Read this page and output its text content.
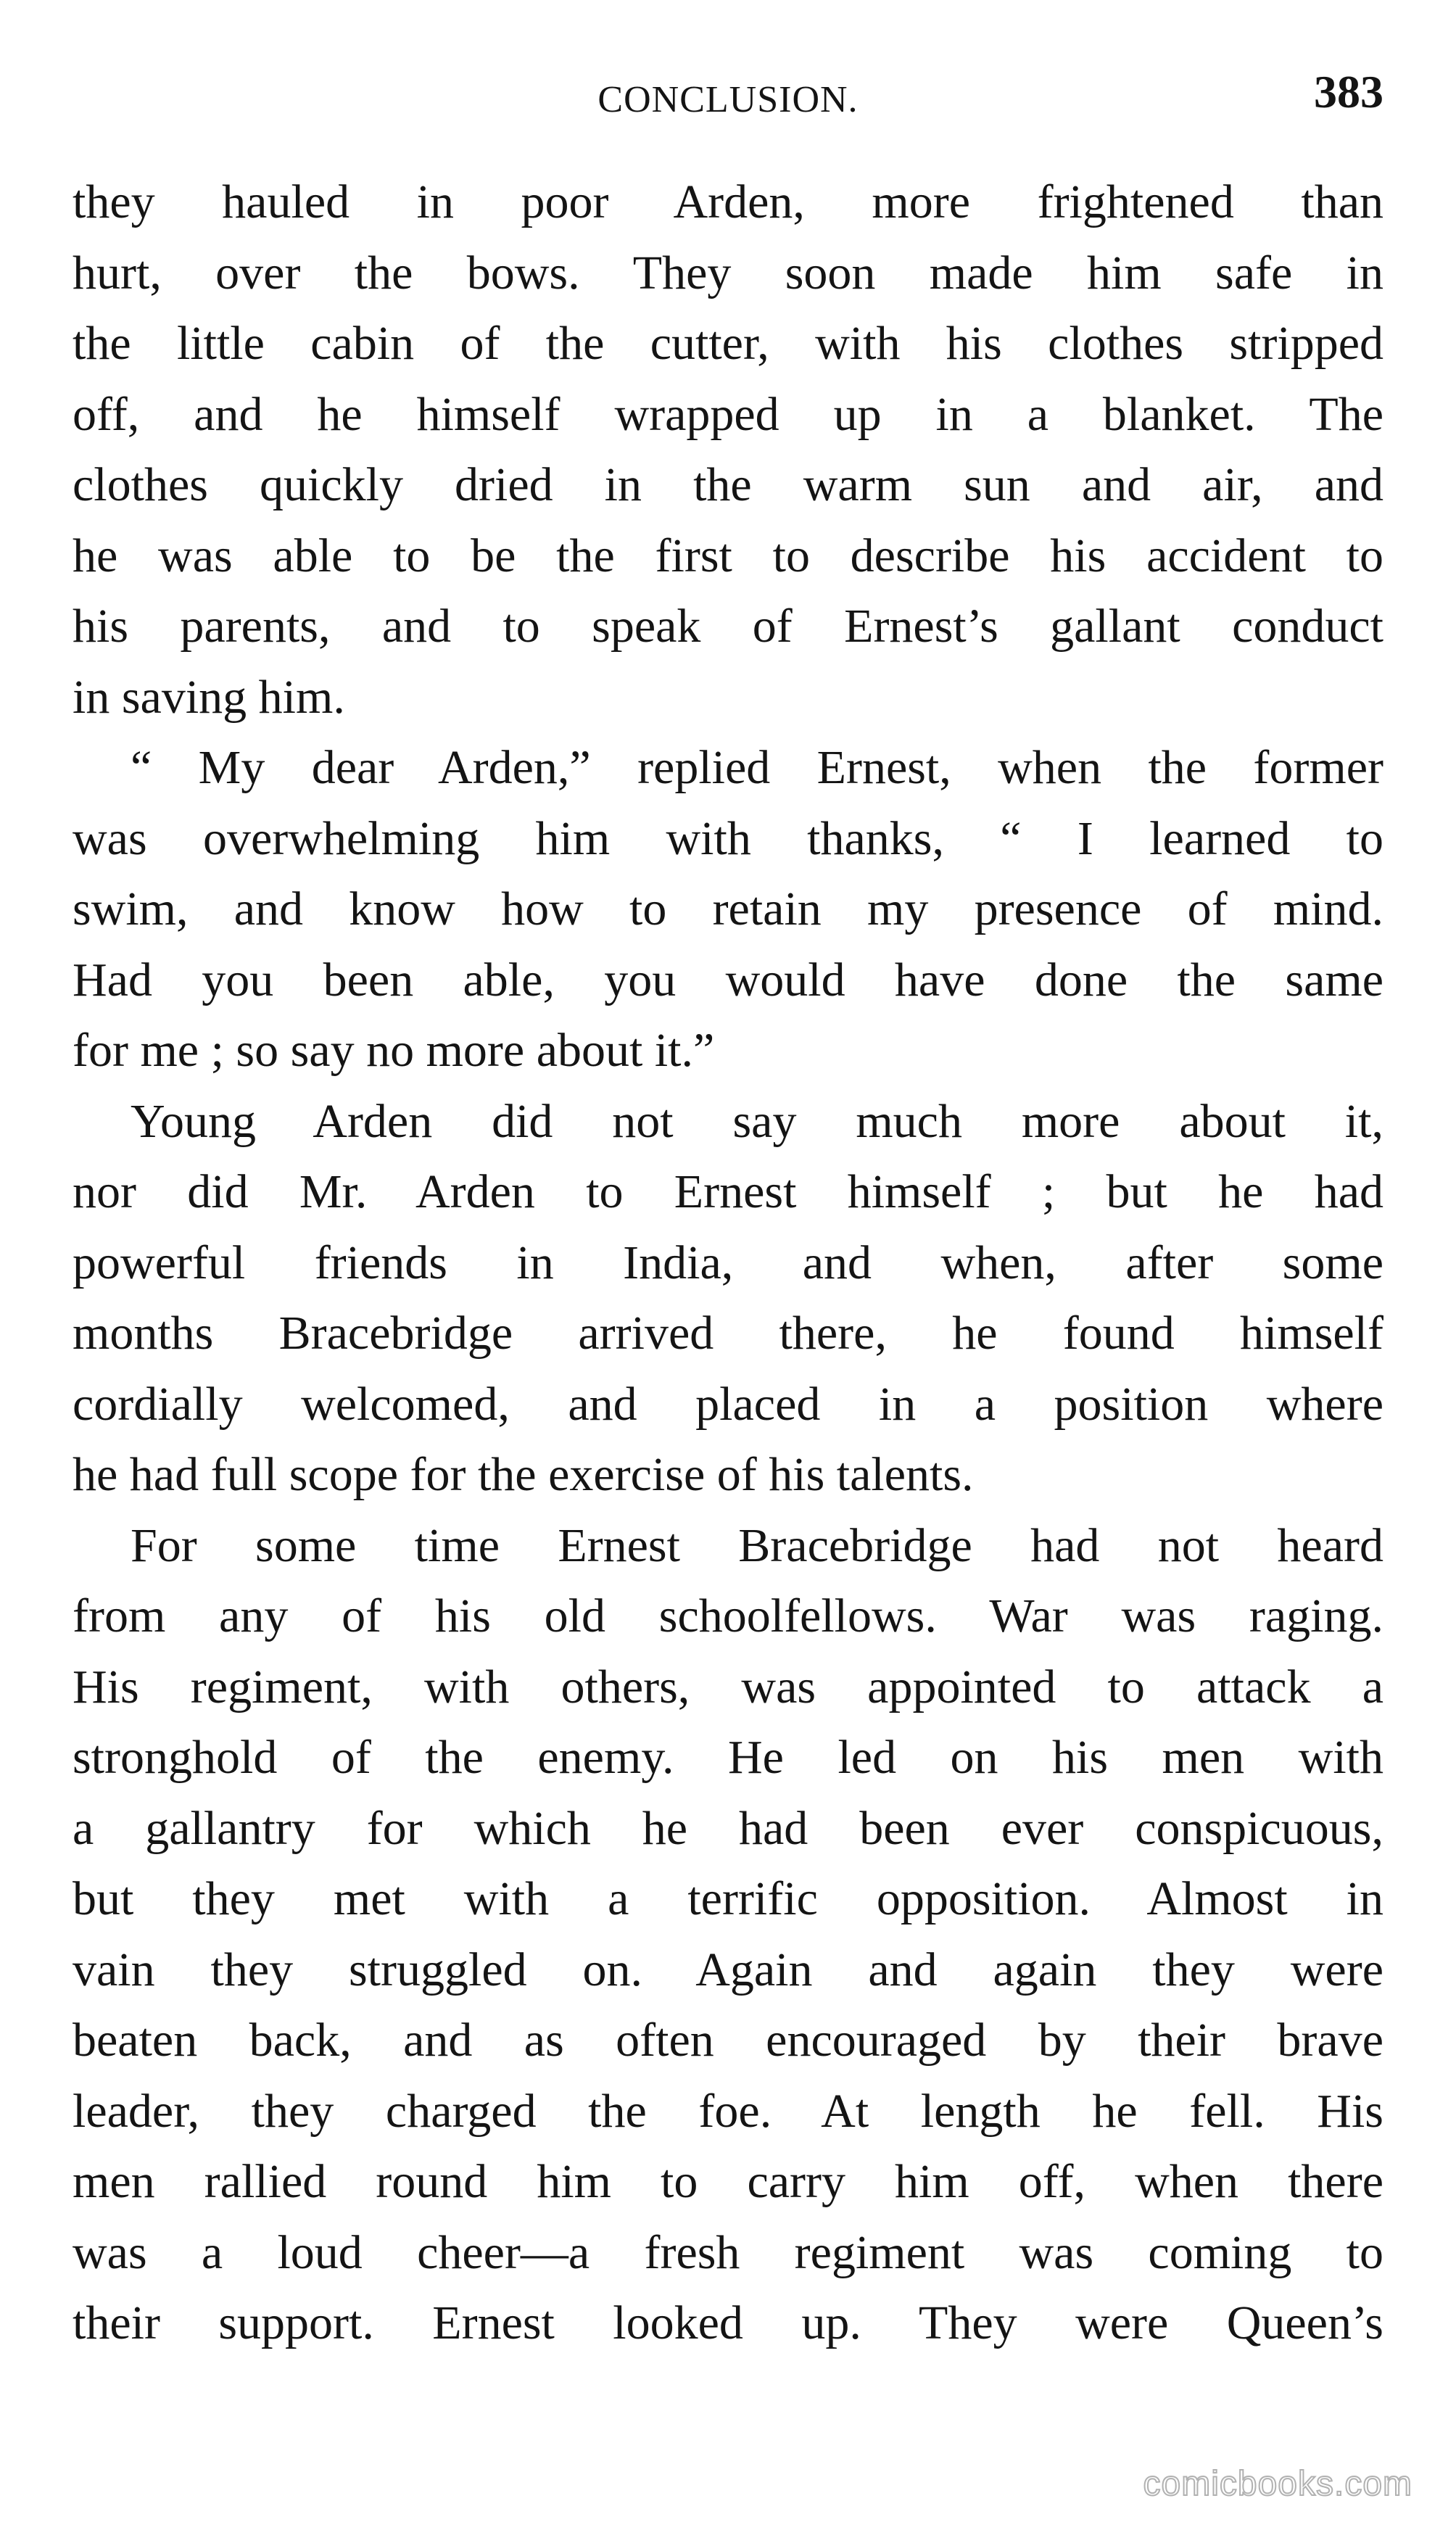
CONCLUSION.	383
they hauled in poor Arden, more frightened than
hurt, over the bows. They soon made him safe in
the little cabin of the cutter, with his clothes stripped
off, and he himself wrapped up in a blanket. The
clothes quickly dried in the warm sun and air, and
he was able to be the first to describe his accident to
his parents, and to speak of Ernest’s gallant conduct
in saving him.
“ My dear Arden,” replied Ernest, when the former
was overwhelming him with thanks, “ I learned to
swim, and know how to retain my presence of mind.
Had you been able, you would have done the same
for me ; so say no more about it.”
Young Arden did not say much more about it,
nor did Mr. Arden to Ernest himself ; but he had
powerful friends in India, and when, after some
months Bracebridge arrived there, he found himself
cordially welcomed, and placed in a position where
he had full scope for the exercise of his talents.
For some time Ernest Bracebridge had not heard
from any of his old schoolfellows. War was raging.
His regiment, with others, was appointed to attack a
stronghold of the enemy. He led on his men with
a gallantry for which he had been ever conspicuous,
but they met with a terrific opposition. Almost in
vain they struggled on. Again and again they were
beaten back, and as often encouraged by their brave
leader, they charged the foe. At length he fell. His
men rallied round him to carry him off, when there
was a loud cheer—a fresh regiment was coming to
their support. Ernest looked up. They were Queen’s
comicbooks.com
